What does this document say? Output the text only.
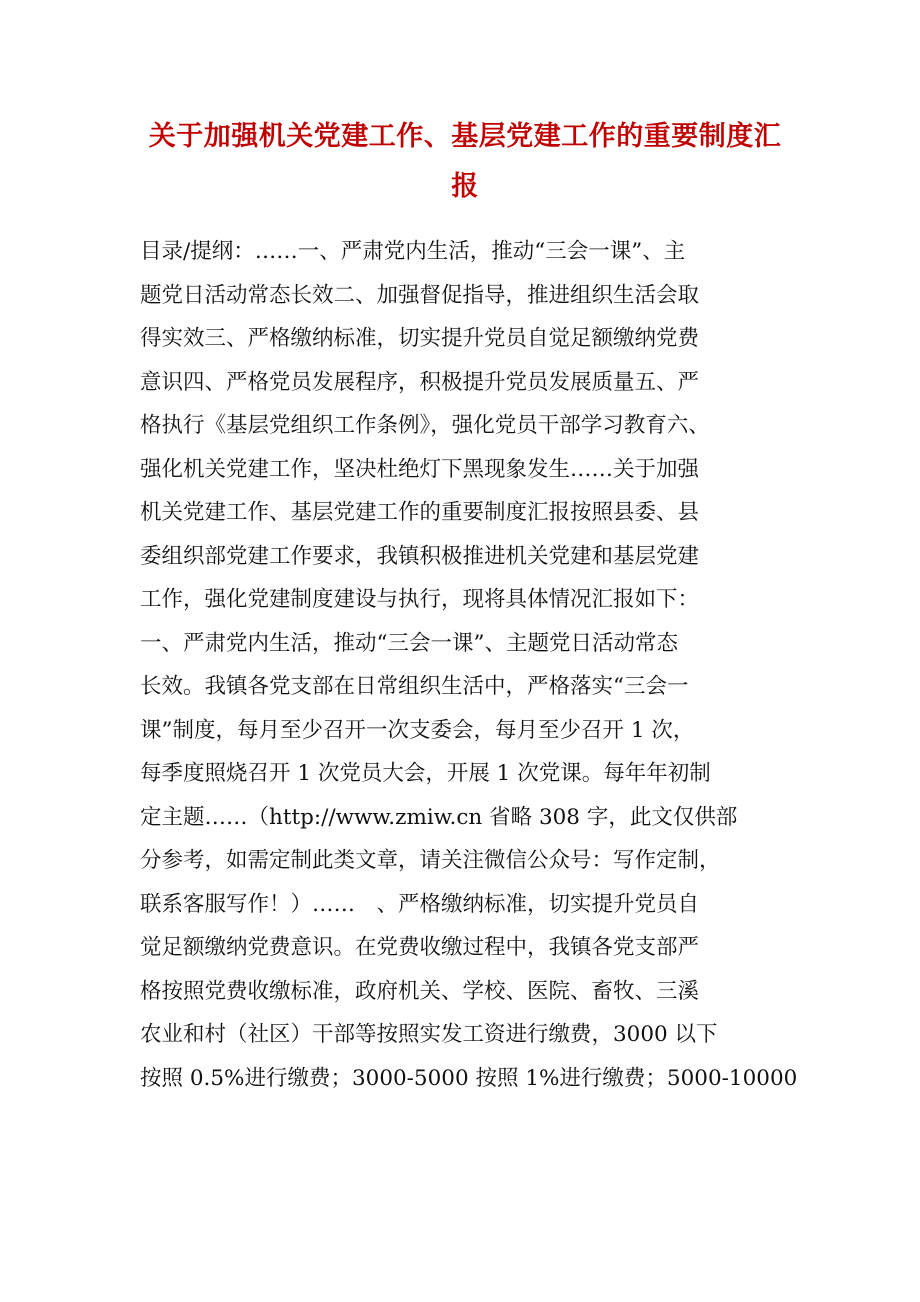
关于加强机关党建工作、基层党建工作的重要制度汇报
目录/提纲：……一、严肃党内生活，推动“三会一课”、主
题党日活动常态长效二、加强督促指导，推进组织生活会取
得实效三、严格缴纳标准，切实提升党员自觉足额缴纳党费
意识四、严格党员发展程序，积极提升党员发展质量五、严
格执行《基层党组织工作条例》，强化党员干部学习教育六、
强化机关党建工作，坚决杜绝灯下黑现象发生……关于加强
机关党建工作、基层党建工作的重要制度汇报按照县委、县
委组织部党建工作要求，我镇积极推进机关党建和基层党建
工作，强化党建制度建设与执行，现将具体情况汇报如下：
一、严肃党内生活，推动“三会一课”、主题党日活动常态
长效。我镇各党支部在日常组织生活中，严格落实“三会一
课”制度，每月至少召开一次支委会，每月至少召开 1 次，
每季度照烧召开 1 次党员大会，开展 1 次党课。每年年初制
定主题……（http://www.zmiw.cn 省略 308 字，此文仅供部
分参考，如需定制此类文章，请关注微信公众号：写作定制，
联系客服写作！）……　、严格缴纳标准，切实提升党员自
觉足额缴纳党费意识。在党费收缴过程中，我镇各党支部严
格按照党费收缴标准，政府机关、学校、医院、畜牧、三溪
农业和村（社区）干部等按照实发工资进行缴费，3000 以下
按照 0.5%进行缴费；3000-5000 按照 1%进行缴费；5000-10000
